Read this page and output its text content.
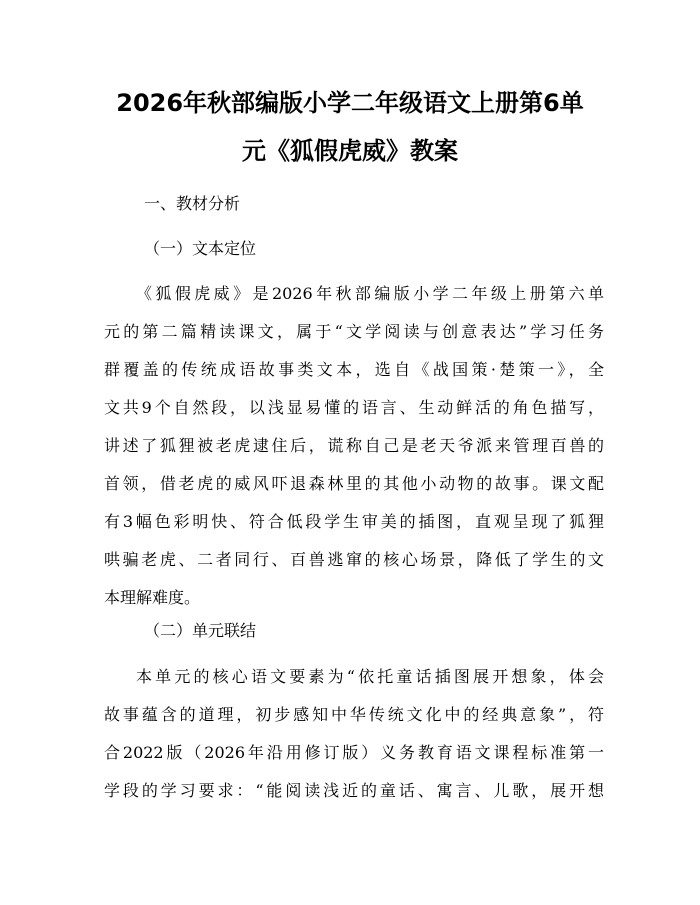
2026年秋部编版小学二年级语文上册第6单
元《狐假虎威》教案
一、教材分析
（一）文本定位
《狐假虎威》是2026年秋部编版小学二年级上册第六单
元的第二篇精读课文，属于“文学阅读与创意表达”学习任务
群覆盖的传统成语故事类文本，选自《战国策·楚策一》，全
文共9个自然段，以浅显易懂的语言、生动鲜活的角色描写，
讲述了狐狸被老虎逮住后，谎称自己是老天爷派来管理百兽的
首领，借老虎的威风吓退森林里的其他小动物的故事。课文配
有3幅色彩明快、符合低段学生审美的插图，直观呈现了狐狸
哄骗老虎、二者同行、百兽逃窜的核心场景，降低了学生的文
本理解难度。
（二）单元联结
本单元的核心语文要素为“依托童话插图展开想象，体会
故事蕴含的道理，初步感知中华传统文化中的经典意象”，符
合2022版（2026年沿用修订版）义务教育语文课程标准第一
学段的学习要求：“能阅读浅近的童话、寓言、儿歌，展开想
